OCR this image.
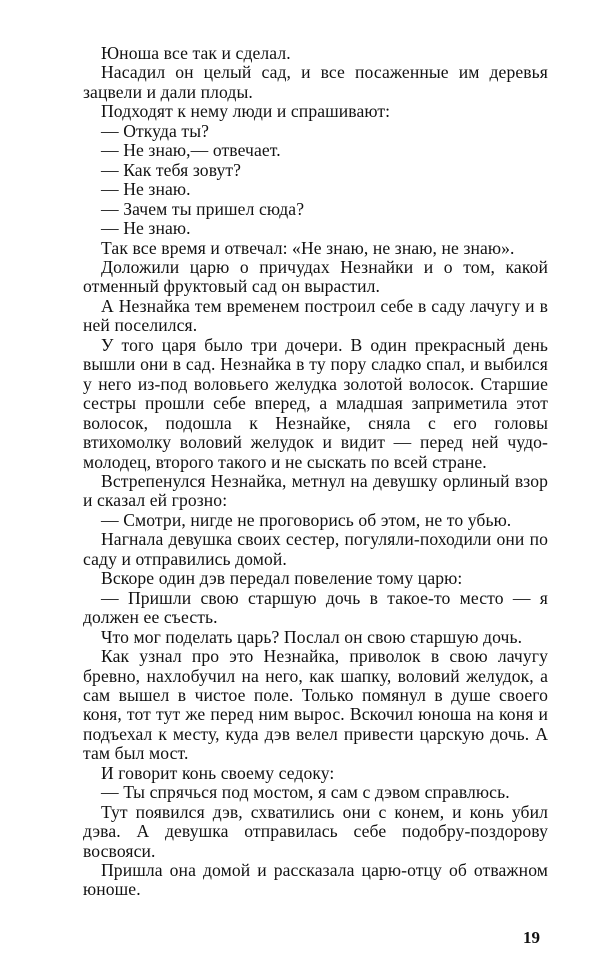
Юноша все так и сделал.

Насадил он целый сад, и все посаженные им деревья зацвели и дали плоды.

Подходят к нему люди и спрашивают:

— Откуда ты?

— Не знаю,— отвечает.

— Как тебя зовут?

— Не знаю.

— Зачем ты пришел сюда?

— Не знаю.

Так все время и отвечал: «Не знаю, не знаю, не знаю».

Доложили царю о причудах Незнайки и о том, какой отменный фруктовый сад он вырастил.

А Незнайка тем временем построил себе в саду лачугу и в ней поселился.

У того царя было три дочери. В один прекрасный день вышли они в сад. Незнайка в ту пору сладко спал, и выбился у него из-под воловьего желудка золотой волосок. Старшие сестры прошли себе вперед, а младшая заприметила этот волосок, подошла к Незнайке, сняла с его головы втихомолку воловий желудок и видит — перед ней чудо-молодец, второго такого и не сыскать по всей стране.

Встрепенулся Незнайка, метнул на девушку орлиный взор и сказал ей грозно:

— Смотри, нигде не проговорись об этом, не то убью.

Нагнала девушка своих сестер, погуляли-походили они по саду и отправились домой.

Вскоре один дэв передал повеление тому царю:

— Пришли свою старшую дочь в такое-то место — я должен ее съесть.

Что мог поделать царь? Послал он свою старшую дочь.

Как узнал про это Незнайка, приволок в свою лачугу бревно, нахлобучил на него, как шапку, воловий желудок, а сам вышел в чистое поле. Только помянул в душе своего коня, тот тут же перед ним вырос. Вскочил юноша на коня и подъехал к месту, куда дэв велел привести царскую дочь. А там был мост.

И говорит конь своему седоку:

— Ты спрячься под мостом, я сам с дэвом справлюсь.

Тут появился дэв, схватились они с конем, и конь убил дэва. А девушка отправилась себе подобру-поздорову восвояси.

Пришла она домой и рассказала царю-отцу об отважном юноше.

19
